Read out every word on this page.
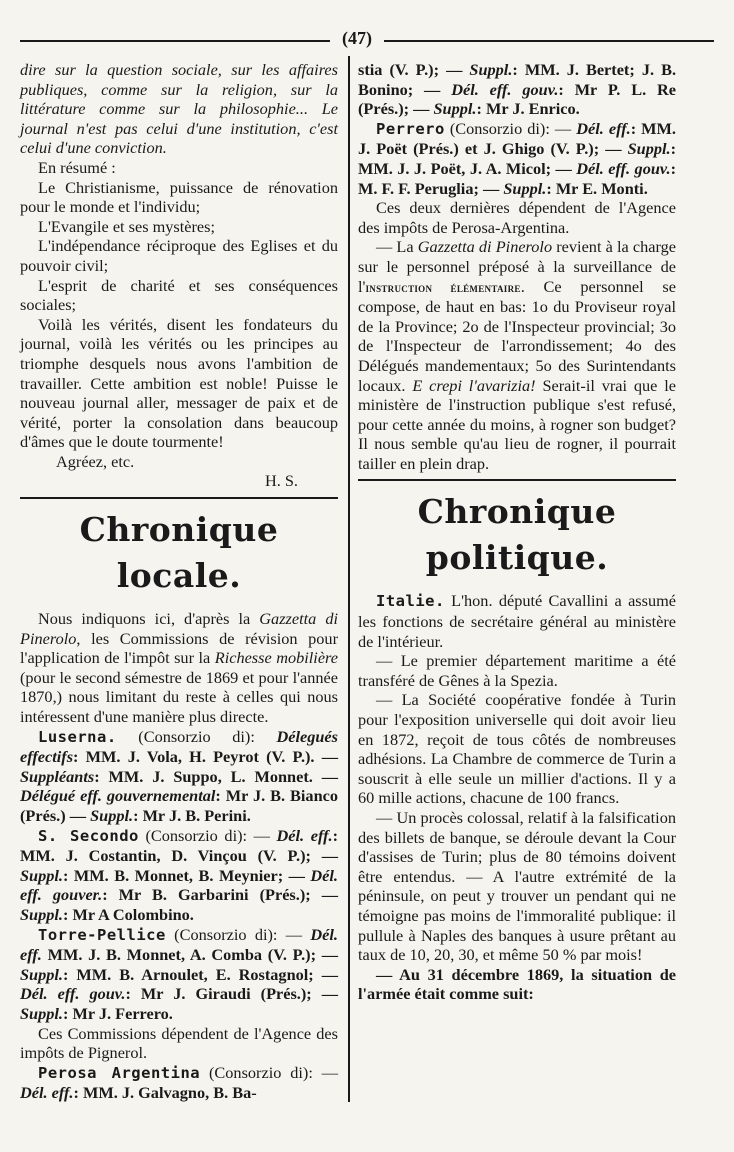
(47)

dire sur la question sociale, sur les affaires publiques, comme sur la religion, sur la littérature comme sur la philosophie... Le journal n'est pas celui d'une institution, c'est celui d'une conviction.

En résumé :

Le Christianisme, puissance de rénovation pour le monde et l'individu;

L'Evangile et ses mystères;

L'indépendance réciproque des Eglises et du pouvoir civil;

L'esprit de charité et ses conséquences sociales;

Voilà les vérités, disent les fondateurs du journal, voilà les vérités ou les principes au triomphe desquels nous avons l'ambition de travailler. Cette ambition est noble! Puisse le nouveau journal aller, messager de paix et de vérité, porter la consolation dans beaucoup d'âmes que le doute tourmente!

Agréez, etc.

H. S.

Chronique locale.

Nous indiquons ici, d'après la Gazzetta di Pinerolo, les Commissions de révision pour l'application de l'impôt sur la Richesse mobilière (pour le second sémestre de 1869 et pour l'année 1870,) nous limitant du reste à celles qui nous intéressent d'une manière plus directe.

Luserna. (Consorzio di): Délegués effectifs: MM. J. Vola, H. Peyrot (V. P.). — Suppléants: MM. J. Suppo, L. Monnet. — Délégué eff. gouvernemental: Mr J. B. Bianco (Prés.) — Suppl.: Mr J. B. Perini.

S. Secondo (Consorzio di): — Dél. eff.: MM. J. Costantin, D. Vinçou (V. P.); — Suppl.: MM. B. Monnet, B. Meynier; — Dél. eff. gouver.: Mr B. Garbarini (Prés.); — Suppl.: Mr A Colombino.

Torre-Pellice (Consorzio di): — Dél. eff. MM. J. B. Monnet, A. Comba (V. P.); — Suppl.: MM. B. Arnoulet, E. Rostagnol; — Dél. eff. gouv.: Mr J. Giraudi (Prés.); — Suppl.: Mr J. Ferrero.

Ces Commissions dépendent de l'Agence des impôts de Pignerol.

Perosa Argentina (Consorzio di): — Dél. eff.: MM. J. Galvagno, B. Ba-

stia (V. P.); — Suppl.: MM. J. Bertet; J. B. Bonino; — Dél. eff. gouv.: Mr P. L. Re (Prés.); — Suppl.: Mr J. Enrico.

Perrero (Consorzio di): — Dél. eff.: MM. J. Poët (Prés.) et J. Ghigo (V. P.); — Suppl.: MM. J. J. Poët, J. A. Micol; — Dél. eff. gouv.: M. F. F. Peruglia; — Suppl.: Mr E. Monti.

Ces deux dernières dépendent de l'Agence des impôts de Perosa-Argentina.

— La Gazzetta di Pinerolo revient à la charge sur le personnel préposé à la surveillance de l'instruction élémentaire. Ce personnel se compose, de haut en bas: 1o du Proviseur royal de la Province; 2o de l'Inspecteur provincial; 3o de l'Inspecteur de l'arrondissement; 4o des Délégués mandementaux; 5o des Surintendants locaux. E crepi l'avarizia! Serait-il vrai que le ministère de l'instruction publique s'est refusé, pour cette année du moins, à rogner son budget? Il nous semble qu'au lieu de rogner, il pourrait tailler en plein drap.

Chronique politique.

Italie. L'hon. député Cavallini a assumé les fonctions de secrétaire général au ministère de l'intérieur.

— Le premier département maritime a été transféré de Gênes à la Spezia.

— La Société coopérative fondée à Turin pour l'exposition universelle qui doit avoir lieu en 1872, reçoit de tous côtés de nombreuses adhésions. La Chambre de commerce de Turin a souscrit à elle seule un millier d'actions. Il y a 60 mille actions, chacune de 100 francs.

— Un procès colossal, relatif à la falsification des billets de banque, se déroule devant la Cour d'assises de Turin; plus de 80 témoins doivent être entendus. — A l'autre extrémité de la péninsule, on peut y trouver un pendant qui ne témoigne pas moins de l'immoralité publique: il pullule à Naples des banques à usure prêtant au taux de 10, 20, 30, et même 50 % par mois!

— Au 31 décembre 1869, la situation de l'armée était comme suit:
